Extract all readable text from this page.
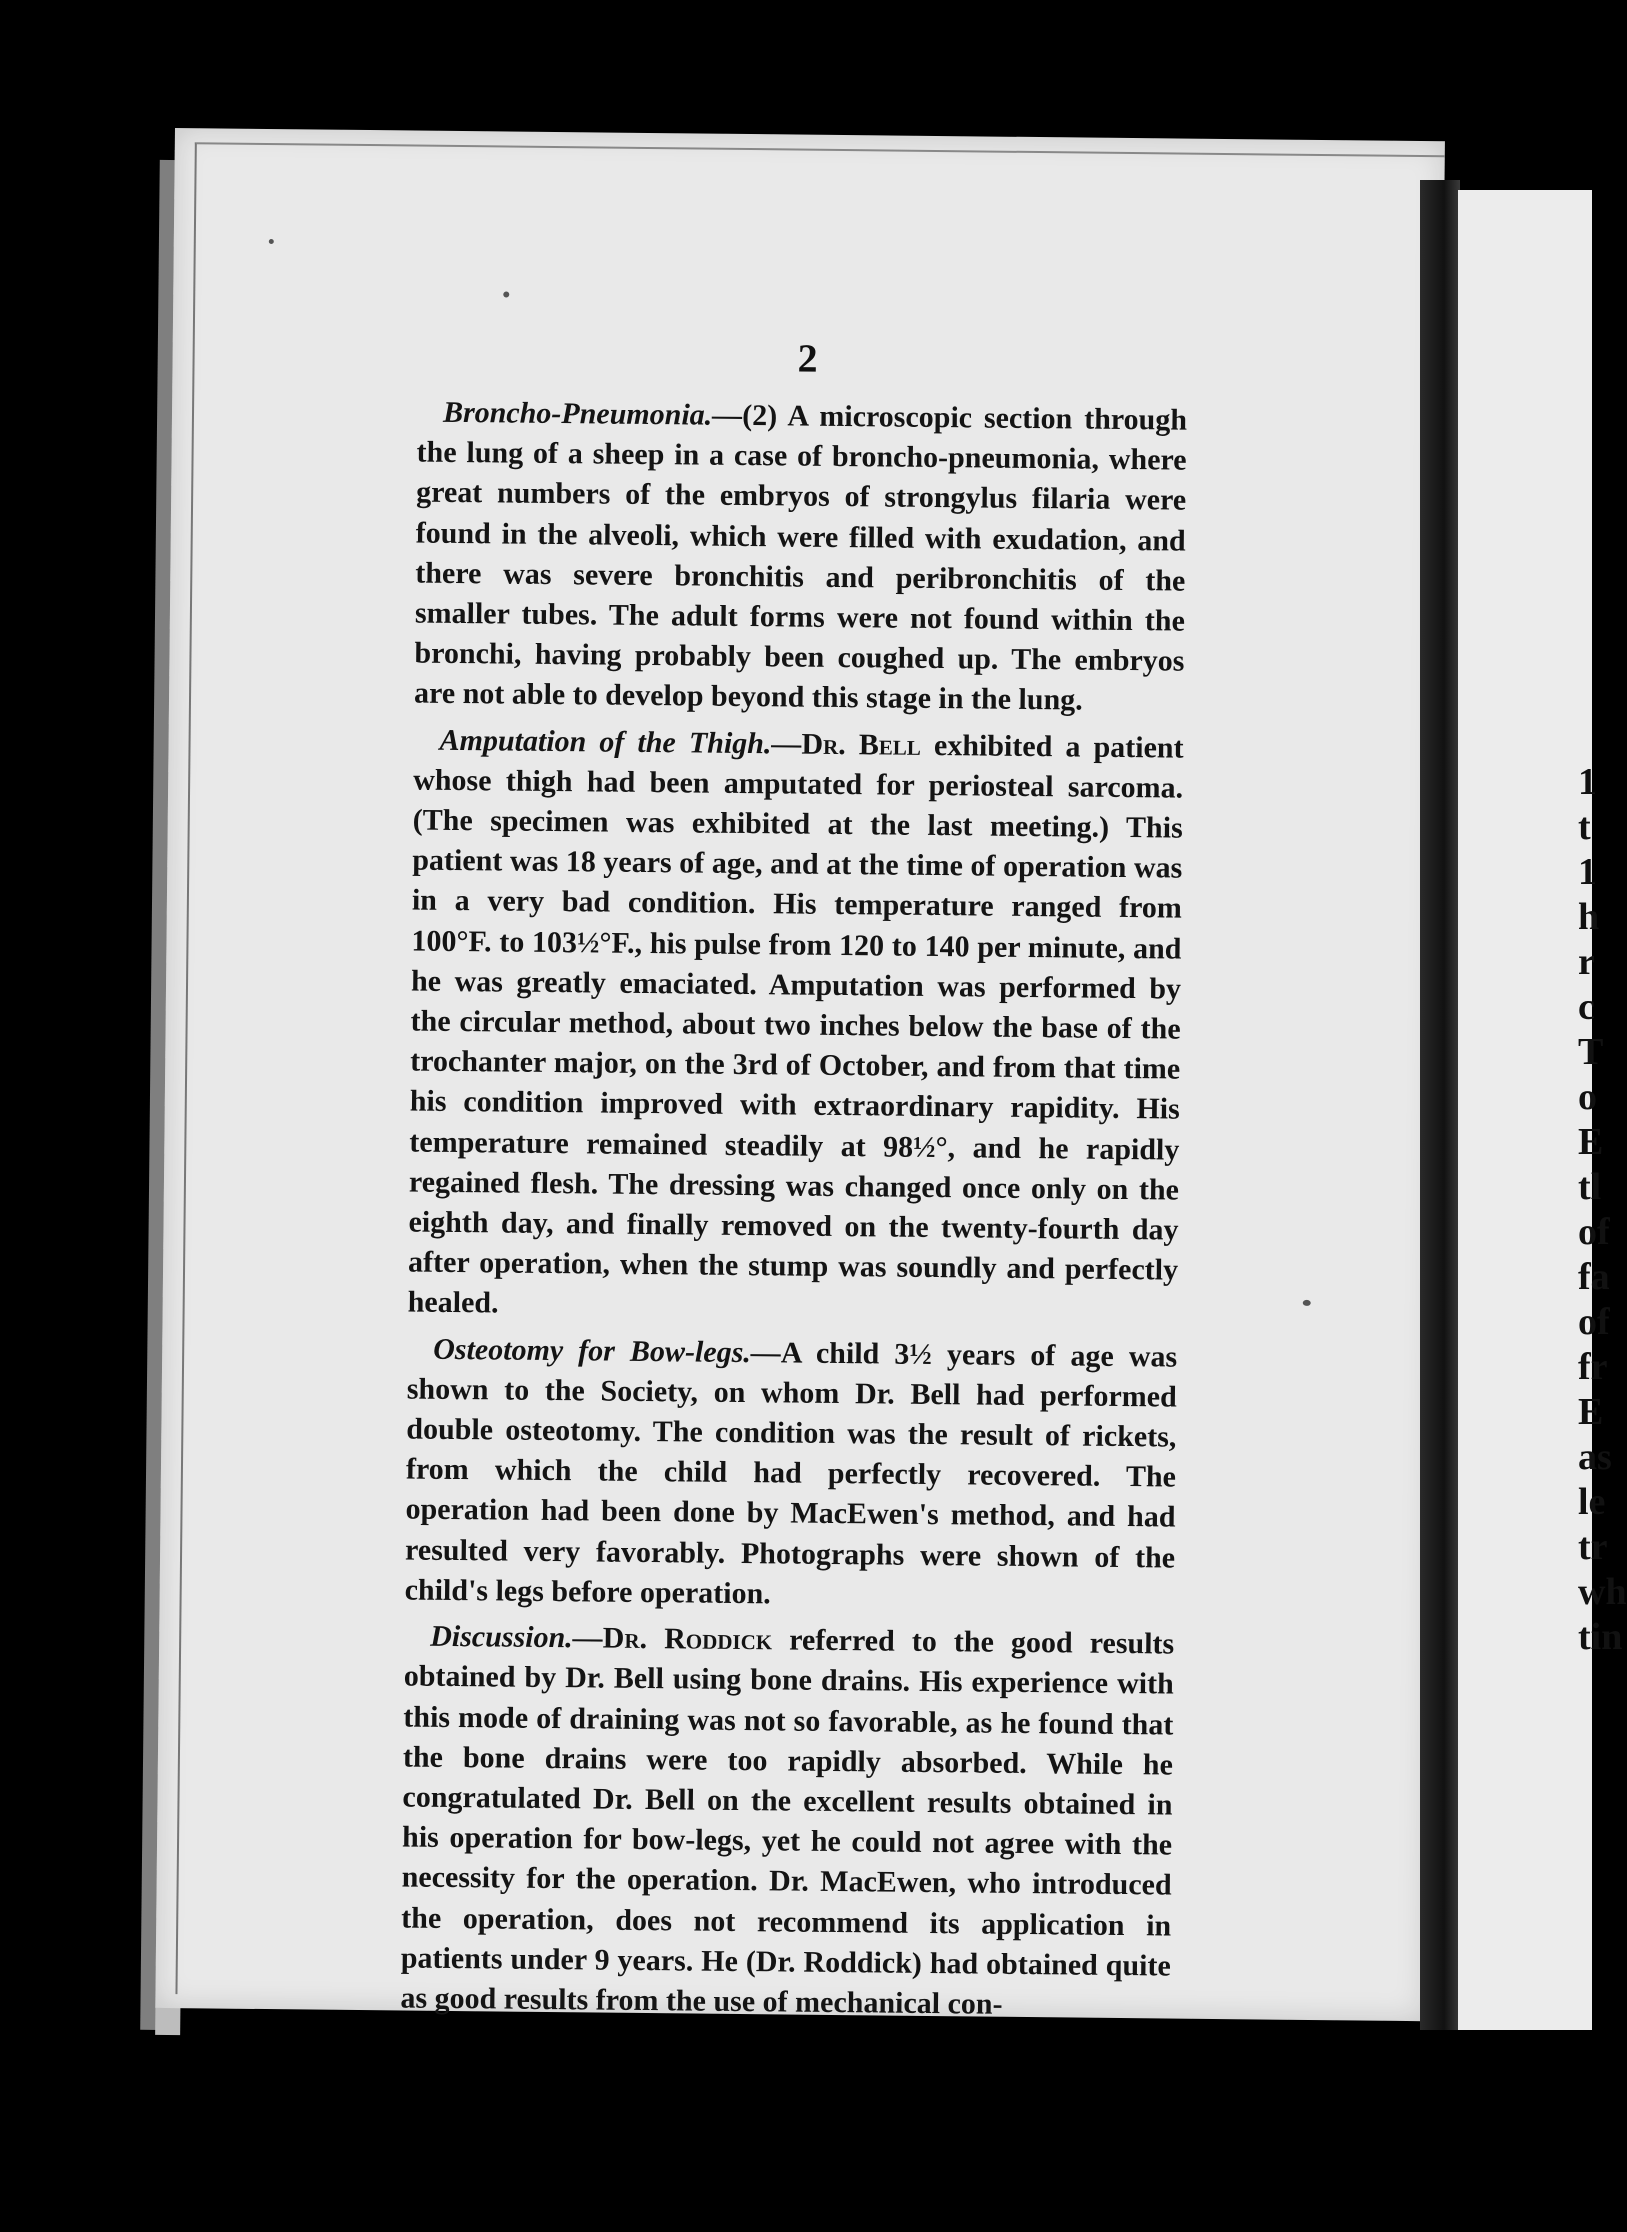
2

Broncho-Pneumonia.—(2) A microscopic section through the lung of a sheep in a case of broncho-pneumonia, where great numbers of the embryos of strongylus filaria were found in the alveoli, which were filled with exudation, and there was severe bronchitis and peribronchitis of the smaller tubes. The adult forms were not found within the bronchi, having probably been coughed up. The embryos are not able to develop beyond this stage in the lung.

Amputation of the Thigh.—Dr. Bell exhibited a patient whose thigh had been amputated for periosteal sarcoma. (The specimen was exhibited at the last meeting.) This patient was 18 years of age, and at the time of operation was in a very bad condition. His temperature ranged from 100°F. to 103½°F., his pulse from 120 to 140 per minute, and he was greatly emaciated. Amputation was performed by the circular method, about two inches below the base of the trochanter major, on the 3rd of October, and from that time his condition improved with extraordinary rapidity. His temperature remained steadily at 98½°, and he rapidly regained flesh. The dressing was changed once only on the eighth day, and finally removed on the twenty-fourth day after operation, when the stump was soundly and perfectly healed.

Osteotomy for Bow-legs.—A child 3½ years of age was shown to the Society, on whom Dr. Bell had performed double osteotomy. The condition was the result of rickets, from which the child had perfectly recovered. The operation had been done by MacEwen's method, and had resulted very favorably. Photographs were shown of the child's legs before operation.

Discussion.—Dr. Roddick referred to the good results obtained by Dr. Bell using bone drains. His experience with this mode of draining was not so favorable, as he found that the bone drains were too rapidly absorbed. While he congratulated Dr. Bell on the excellent results obtained in his operation for bow-legs, yet he could not agree with the necessity for the operation. Dr. MacEwen, who introduced the operation, does not recommend its application in patients under 9 years. He (Dr. Roddick) had obtained quite as good results from the use of mechanical con-

1
t
1
h
r
c
T
o
E
tl
of
fa
of
fr
E
as
le
tr
wh
tin
